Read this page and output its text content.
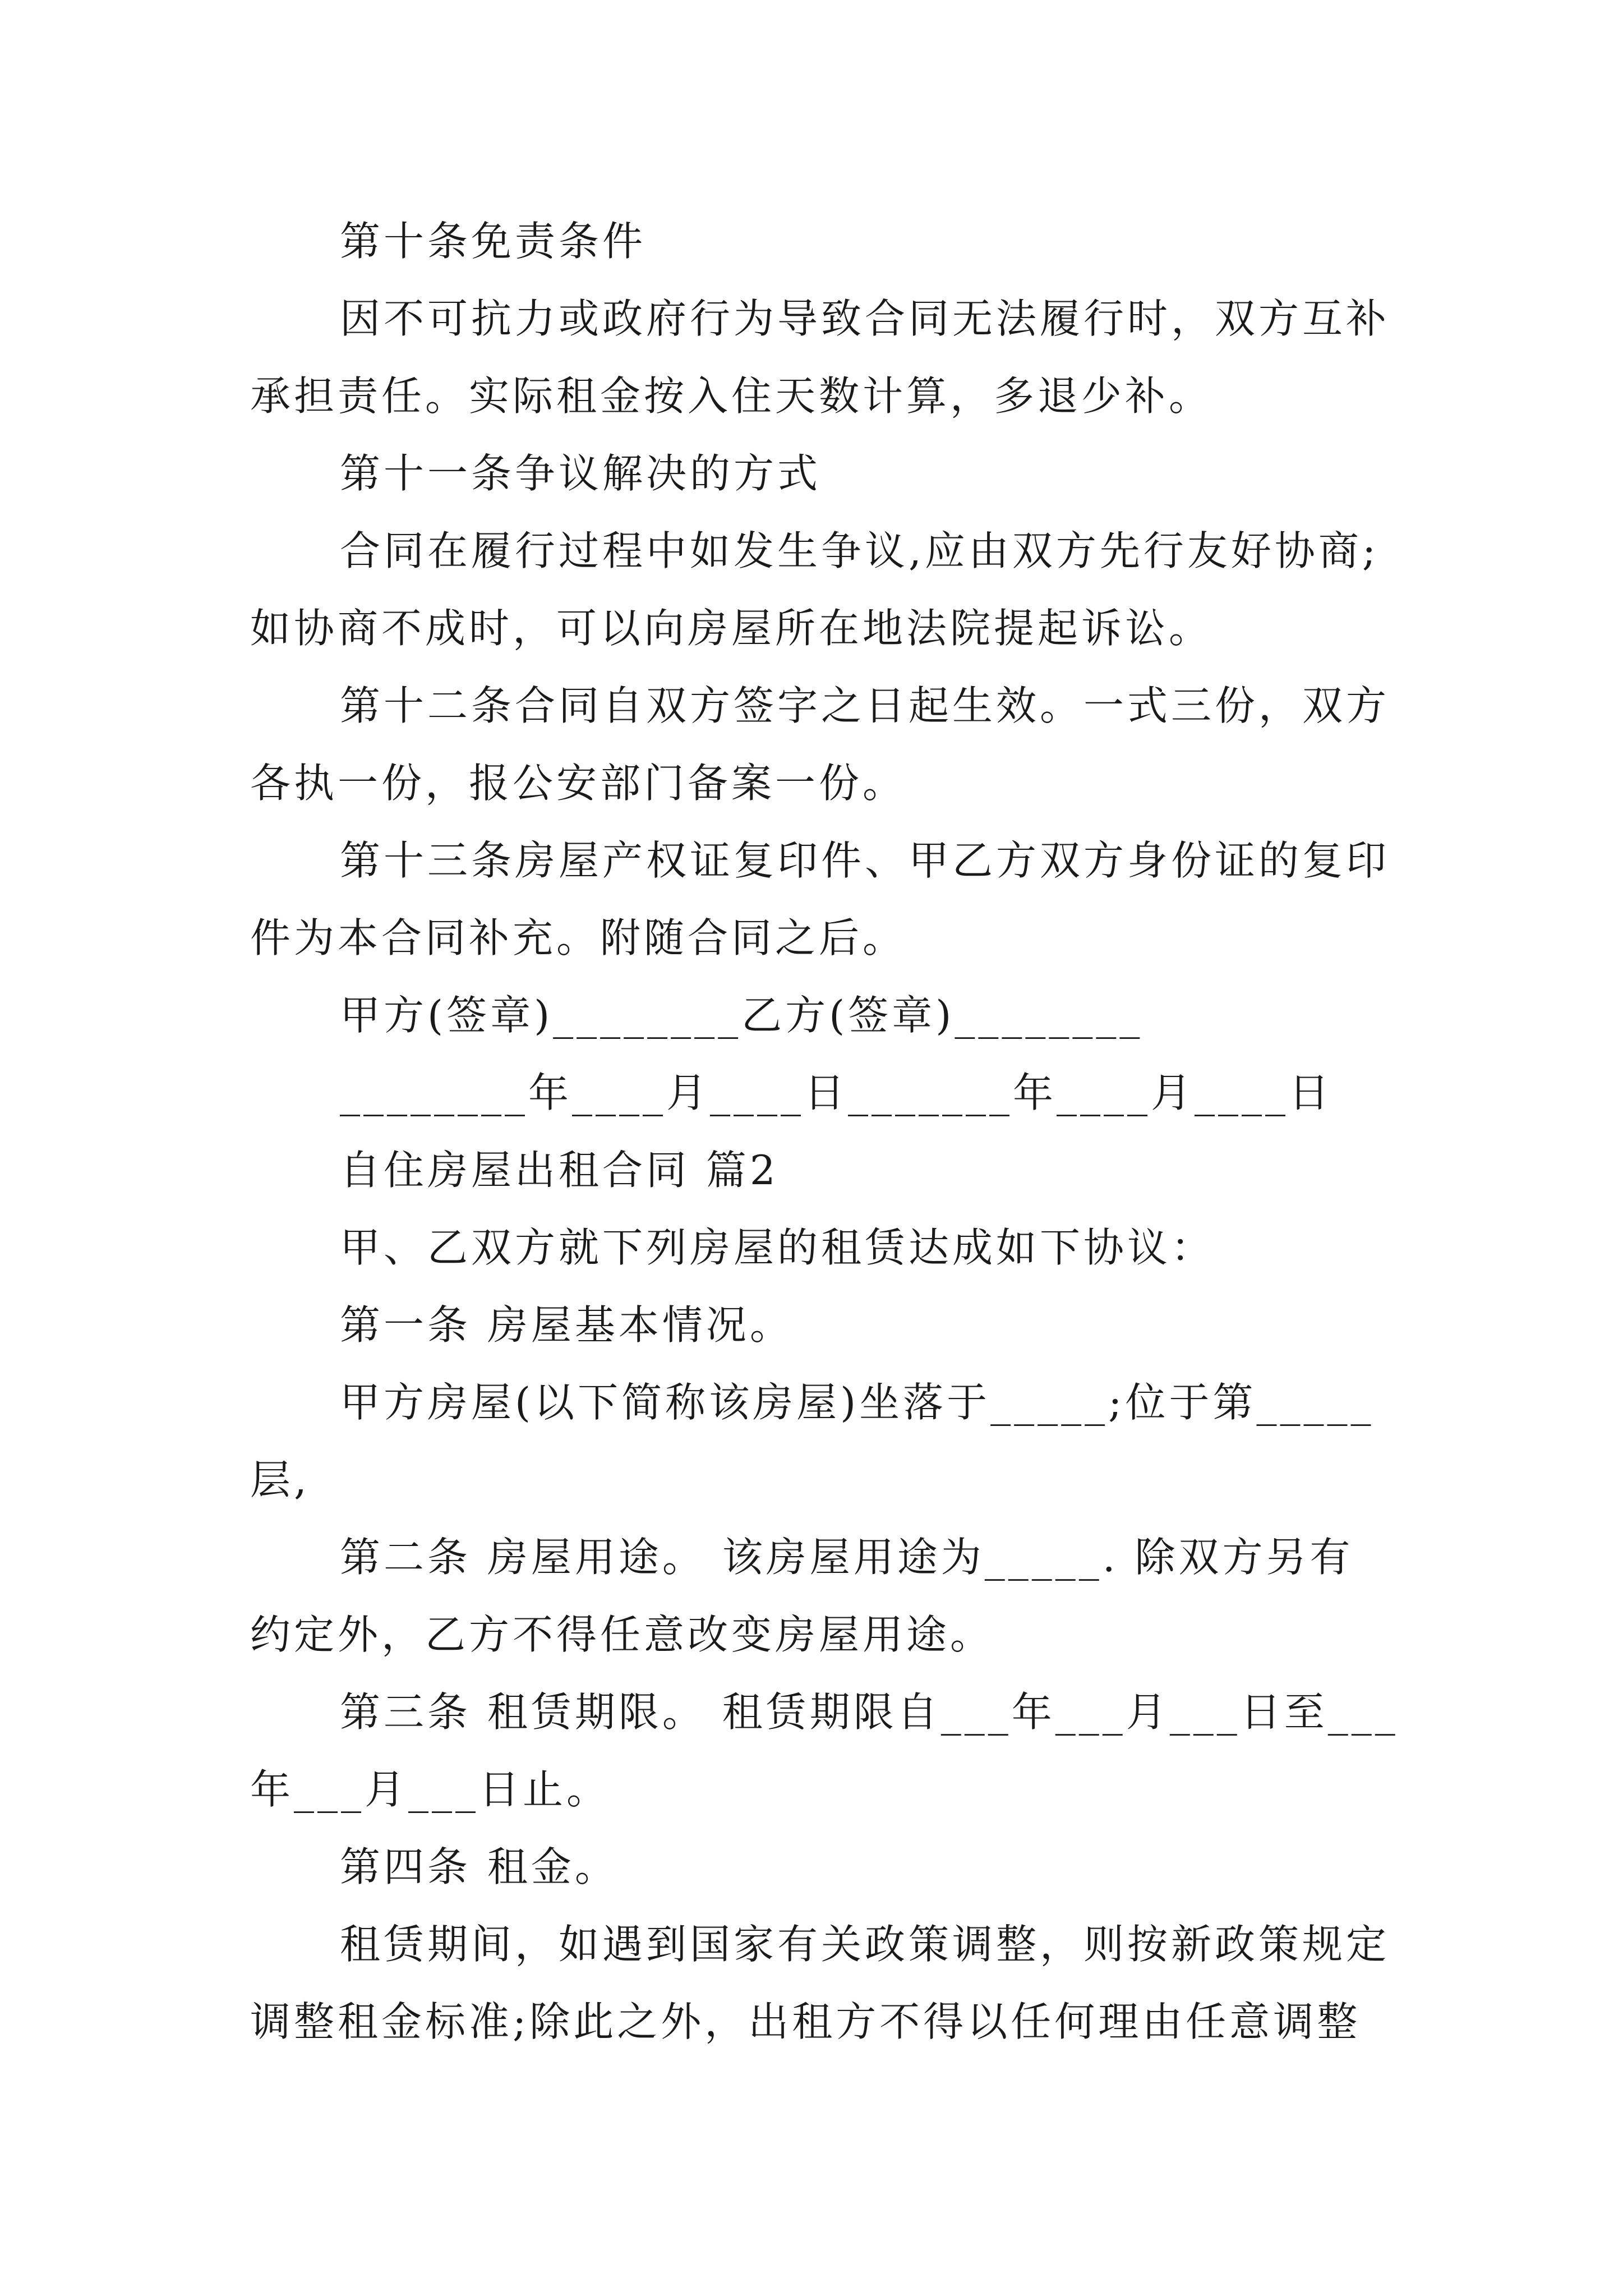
第十条免责条件

因不可抗力或政府行为导致合同无法履行时，双方互补

承担责任。实际租金按入住天数计算，多退少补。

第十一条争议解决的方式

合同在履行过程中如发生争议,应由双方先行友好协商;

如协商不成时，可以向房屋所在地法院提起诉讼。

第十二条合同自双方签字之日起生效。一式三份，双方

各执一份，报公安部门备案一份。

第十三条房屋产权证复印件、甲乙方双方身份证的复印

件为本合同补充。附随合同之后。

甲方(签章)________乙方(签章)________

________年____月____日_______年____月____日

自住房屋出租合同 篇2

甲、乙双方就下列房屋的租赁达成如下协议：

第一条 房屋基本情况。

甲方房屋(以下简称该房屋)坐落于_____;位于第_____

层,

第二条 房屋用途。 该房屋用途为_____. 除双方另有

约定外，乙方不得任意改变房屋用途。

第三条 租赁期限。 租赁期限自___年___月___日至___

年___月___日止。

第四条 租金。

租赁期间，如遇到国家有关政策调整，则按新政策规定

调整租金标准;除此之外，出租方不得以任何理由任意调整
